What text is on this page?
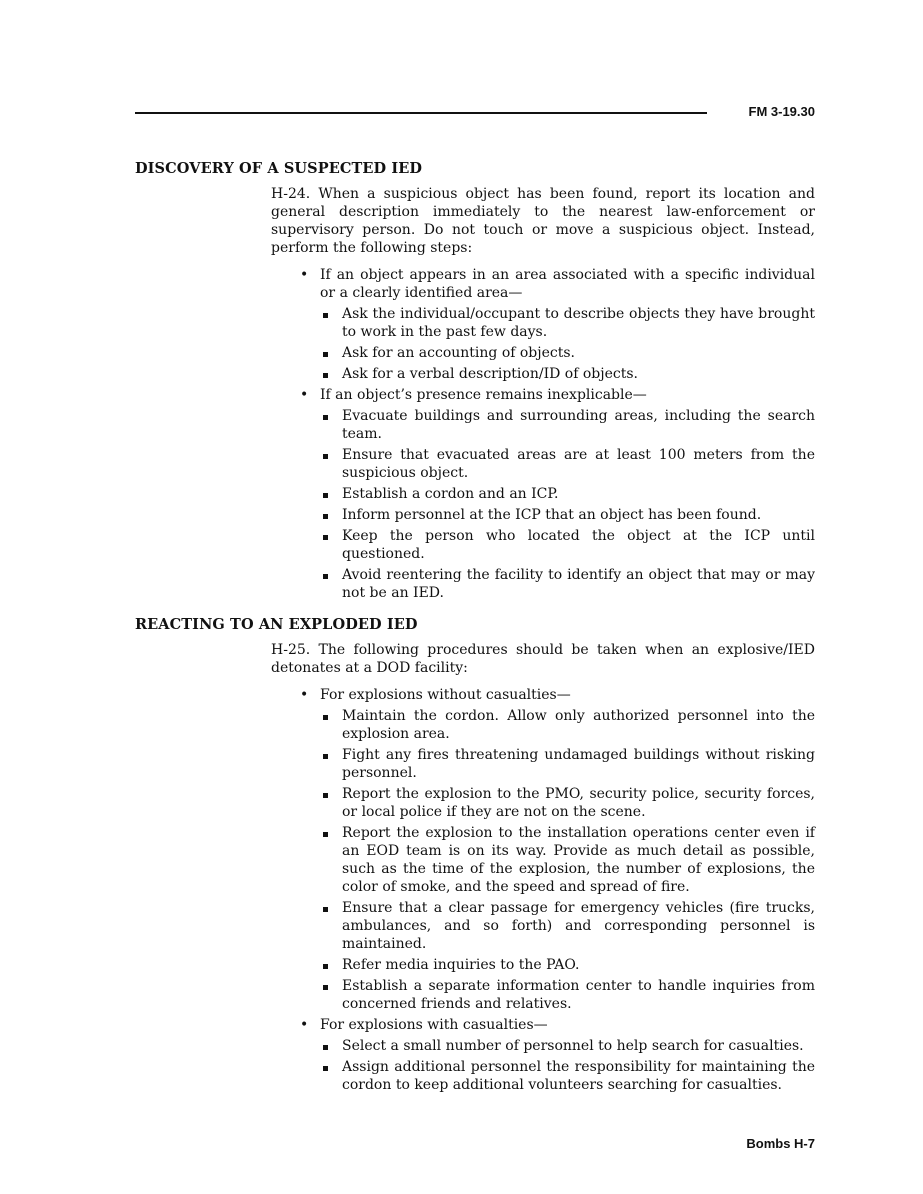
FM 3-19.30
DISCOVERY OF A SUSPECTED IED

H-24. When a suspicious object has been found, report its location and general description immediately to the nearest law-enforcement or supervisory person. Do not touch or move a suspicious object. Instead, perform the following steps:

• If an object appears in an area associated with a specific individual or a clearly identified area—
Ask the individual/occupant to describe objects they have brought to work in the past few days.
Ask for an accounting of objects.
Ask for a verbal description/ID of objects.
• If an object’s presence remains inexplicable—
Evacuate buildings and surrounding areas, including the search team.
Ensure that evacuated areas are at least 100 meters from the suspicious object.
Establish a cordon and an ICP.
Inform personnel at the ICP that an object has been found.
Keep the person who located the object at the ICP until questioned.
Avoid reentering the facility to identify an object that may or may not be an IED.
REACTING TO AN EXPLODED IED

H-25. The following procedures should be taken when an explosive/IED detonates at a DOD facility:

• For explosions without casualties—
Maintain the cordon. Allow only authorized personnel into the explosion area.
Fight any fires threatening undamaged buildings without risking personnel.
Report the explosion to the PMO, security police, security forces, or local police if they are not on the scene.
Report the explosion to the installation operations center even if an EOD team is on its way. Provide as much detail as possible, such as the time of the explosion, the number of explosions, the color of smoke, and the speed and spread of fire.
Ensure that a clear passage for emergency vehicles (fire trucks, ambulances, and so forth) and corresponding personnel is maintained.
Refer media inquiries to the PAO.
Establish a separate information center to handle inquiries from concerned friends and relatives.
• For explosions with casualties—
Select a small number of personnel to help search for casualties.
Assign additional personnel the responsibility for maintaining the cordon to keep additional volunteers searching for casualties.
Bombs H-7
